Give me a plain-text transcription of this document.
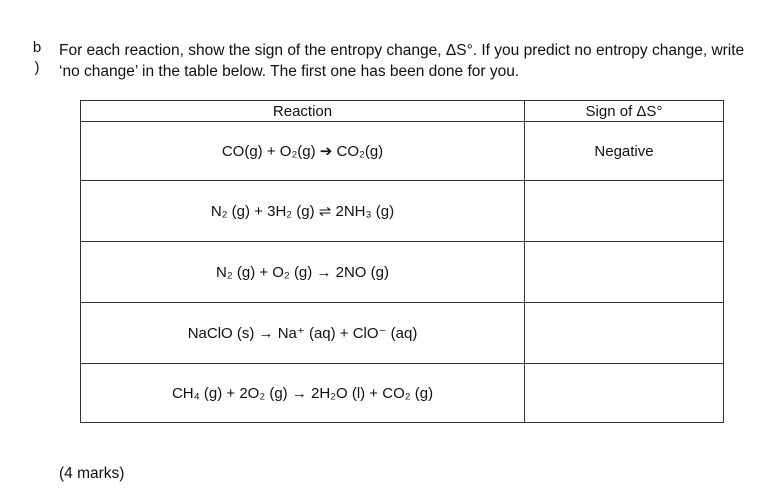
b
)
For each reaction, show the sign of the entropy change, ΔS°. If you predict no entropy change, write ‘no change’ in the table below. The first one has been done for you.
Reaction	Sign of ΔS°
CO(g) + O₂(g) ➔ CO₂(g)	Negative
N₂ (g) + 3H₂ (g) ⇌ 2NH₃ (g)	
N₂ (g) + O₂ (g) → 2NO (g)	
NaClO (s) → Na⁺ (aq) + ClO⁻ (aq)	
CH₄ (g) + 2O₂ (g) → 2H₂O (l) + CO₂ (g)	
(4 marks)
